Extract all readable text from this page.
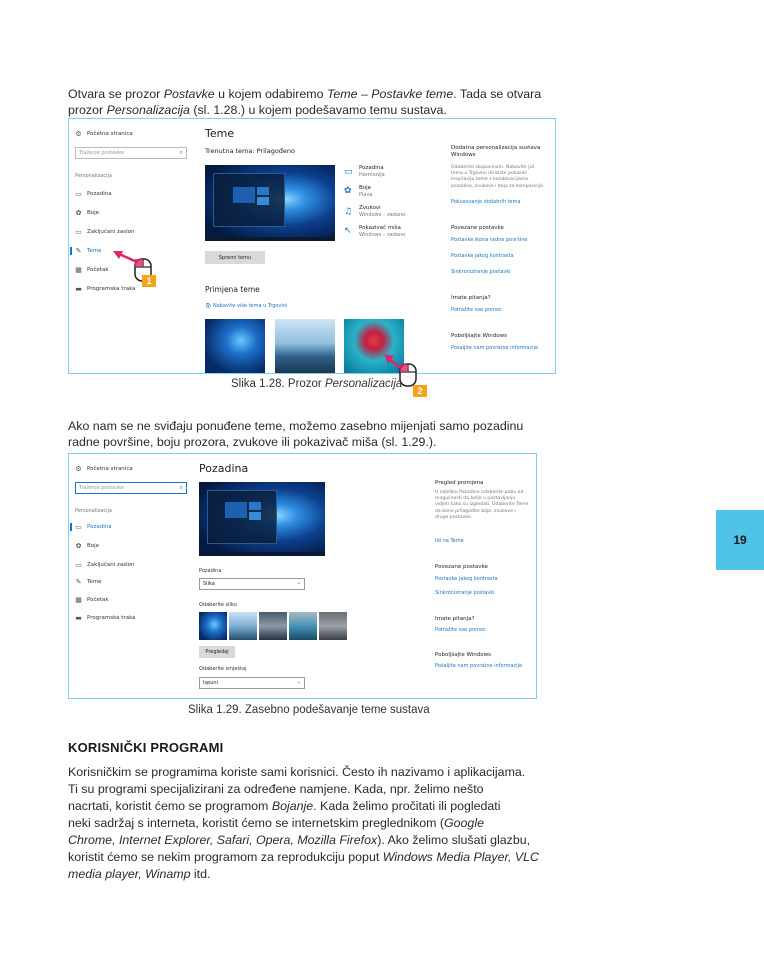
Otvara se prozor Postavke u kojem odabiremo Teme – Postavke teme. Tada se otvara
prozor Personalizacija (sl. 1.28.) u kojem podešavamo temu sustava.
⚙ Početna stranica
Traženje postavke	⌕
Personalizacija
▭ Pozadina
✿ Boje
▭ Zaključani zaslon
✎ Teme
▦ Početak
▬ Programska traka
1
Teme
Trenutna tema: Prilagođeno
▭ Pozadina
Harmonija
✿ Boje
Plava
♫ Zvukovi
Windows – zadano
↖ Pokazivač miša
Windows – zadano
Spremi temu
Primjena teme
🛍 Nabavite više tema u Trgovini
Dodatna personalizacija sustava Windows
Odaberite skupovinom. Nabavite još tema u Trgovini da biste pokazali inspiraciju teme s kombinacijama pozadina, zvukova i boja za kompozicije.
Pokusovanje dodatnih tema
Povezane postavke
Postavke ikona radne površine
Postavke jakog kontrasta
Sinkroniziranje postavki
Imate pitanja?
Potražite sve pomoć
Poboljšajte Windows
Pošaljite nam povratne informacije
2
Slika 1.28. Prozor Personalizacija
Ako nam se ne sviđaju ponuđene teme, možemo zasebno mijenjati samo pozadinu
radne površine, boju prozora, zvukove ili pokazivač miša (sl. 1.29.).
⚙ Početna stranica
Traženje postavke	⌕
Personalizacija
▭ Pozadina
✿ Boje
▭ Zaključani zaslon
✎ Teme
▦ Početak
▬ Programska traka
Pozadina
Pozadina
Slika	⌄
Odaberite sliku
Pregledaj
Odaberite smještaj
Ispuni	⌄
Pregled promjena
U odjeljku Pozadine odaberite pobu od mogućnosti da bolje u postavljanju vidjeti kako su izgledati. Odaberite Teme da bone prilagodite boje, zvukove i druge postavke.
Idi na Teme
Povezane postavke
Postavke jakog kontrasta
Sinkroniziranje postavki
Imate pitanja?
Potražite sve pomoć
Poboljšajte Windows
Pošaljite nam povratne informacije
Slika 1.29. Zasebno podešavanje teme sustava
KORISNIČKI PROGRAMI
Korisničkim se programima koriste sami korisnici. Često ih nazivamo i aplikacijama.
Ti su programi specijalizirani za određene namjene. Kada, npr. želimo nešto
nacrtati, koristit ćemo se programom Bojanje. Kada želimo pročitati ili pogledati
neki sadržaj s interneta, koristit ćemo se internetskim preglednikom (Google
Chrome, Internet Explorer, Safari, Opera, Mozilla Firefox). Ako želimo slušati glazbu,
koristit ćemo se nekim programom za reprodukciju poput Windows Media Player, VLC
media player, Winamp itd.
19
